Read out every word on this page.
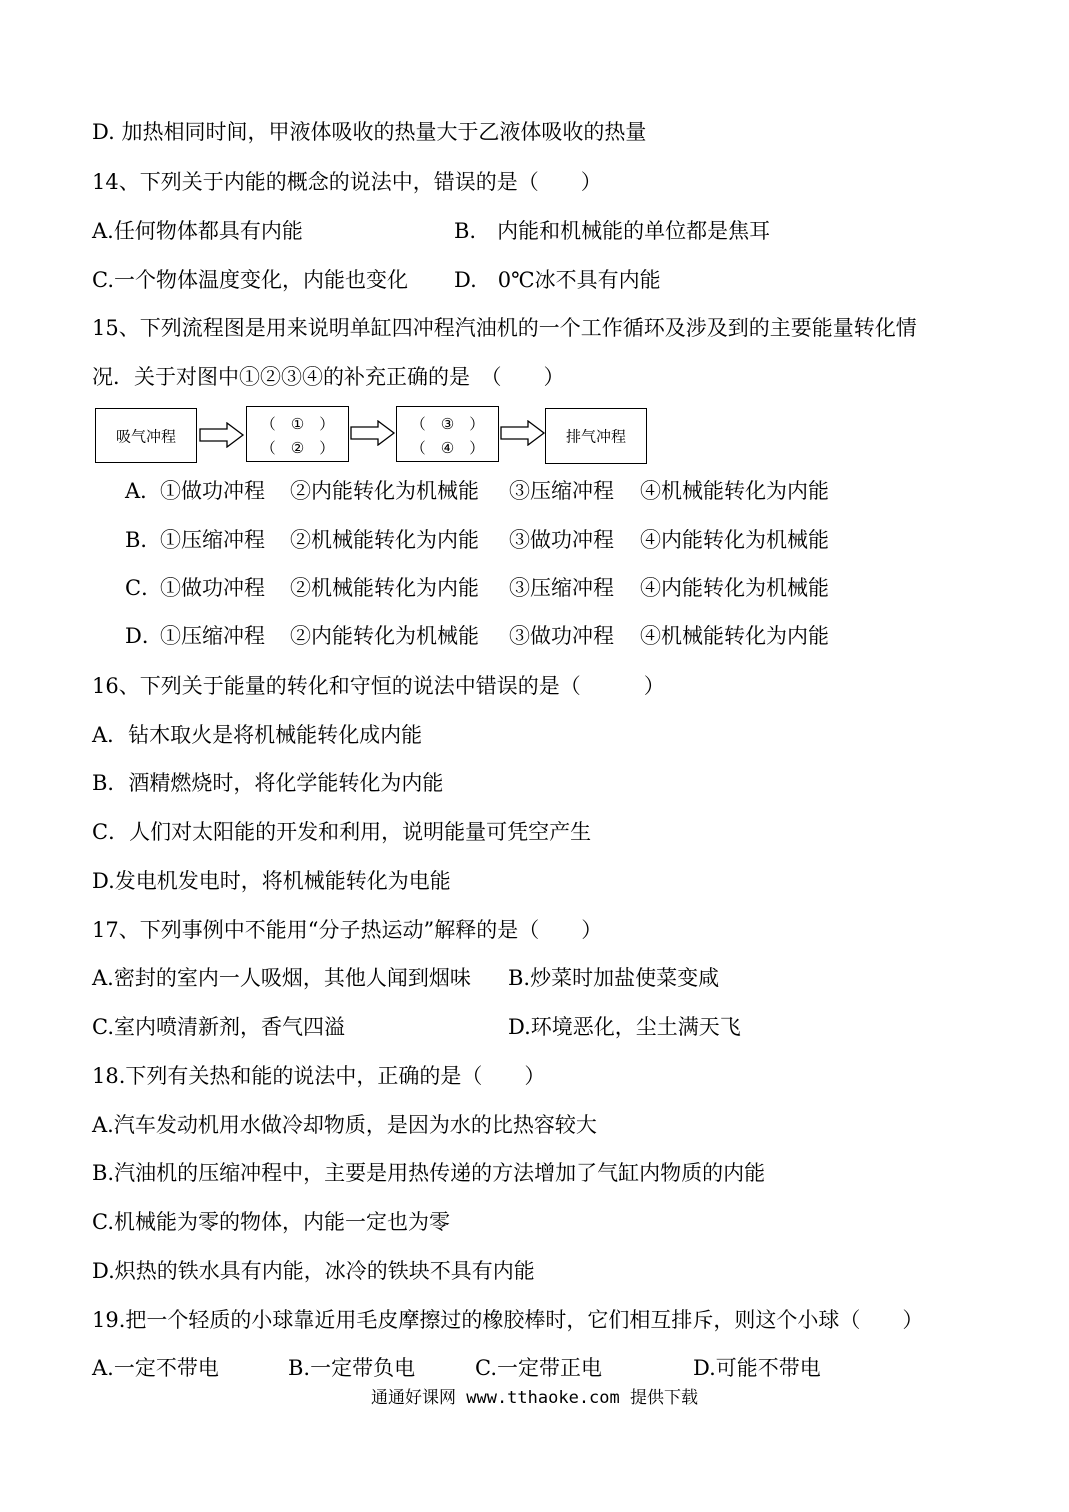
D. 加热相同时间，甲液体吸收的热量大于乙液体吸收的热量
14、下列关于内能的概念的说法中，错误的是（　　）
A.任何物体都具有内能	B.　内能和机械能的单位都是焦耳
C.一个物体温度变化，内能也变化 D.　0℃冰不具有内能
15、下列流程图是用来说明单缸四冲程汽油机的一个工作循环及涉及到的主要能量转化情
况．关于对图中①②③④的补充正确的是　（　　）
吸气冲程
（　①　）
（　②　）
（　③　）
（　④　）
排气冲程
A．
①做功冲程 ②内能转化为机械能 ③压缩冲程 ④机械能转化为内能
B．
①压缩冲程 ②机械能转化为内能 ③做功冲程 ④内能转化为机械能
C．
①做功冲程 ②机械能转化为内能 ③压缩冲程 ④内能转化为机械能
D．
①压缩冲程 ②内能转化为机械能 ③做功冲程 ④机械能转化为内能
16、下列关于能量的转化和守恒的说法中错误的是（　　　）
A．钻木取火是将机械能转化成内能
B．酒精燃烧时，将化学能转化为内能
C．人们对太阳能的开发和利用，说明能量可凭空产生
D.发电机发电时，将机械能转化为电能
17、下列事例中不能用“分子热运动”解释的是（　　）
A.密封的室内一人吸烟，其他人闻到烟味 B.炒菜时加盐使菜变咸
C.室内喷清新剂，香气四溢	D.环境恶化，尘土满天飞
18.下列有关热和能的说法中，正确的是（　　）
A.汽车发动机用水做冷却物质，是因为水的比热容较大
B.汽油机的压缩冲程中，主要是用热传递的方法增加了气缸内物质的内能
C.机械能为零的物体，内能一定也为零
D.炽热的铁水具有内能，冰冷的铁块不具有内能
19.把一个轻质的小球靠近用毛皮摩擦过的橡胶棒时，它们相互排斥，则这个小球（　　）
A.一定不带电	B.一定带负电	C.一定带正电	D.可能不带电
通通好课网 www.tthaoke.com 提供下载
